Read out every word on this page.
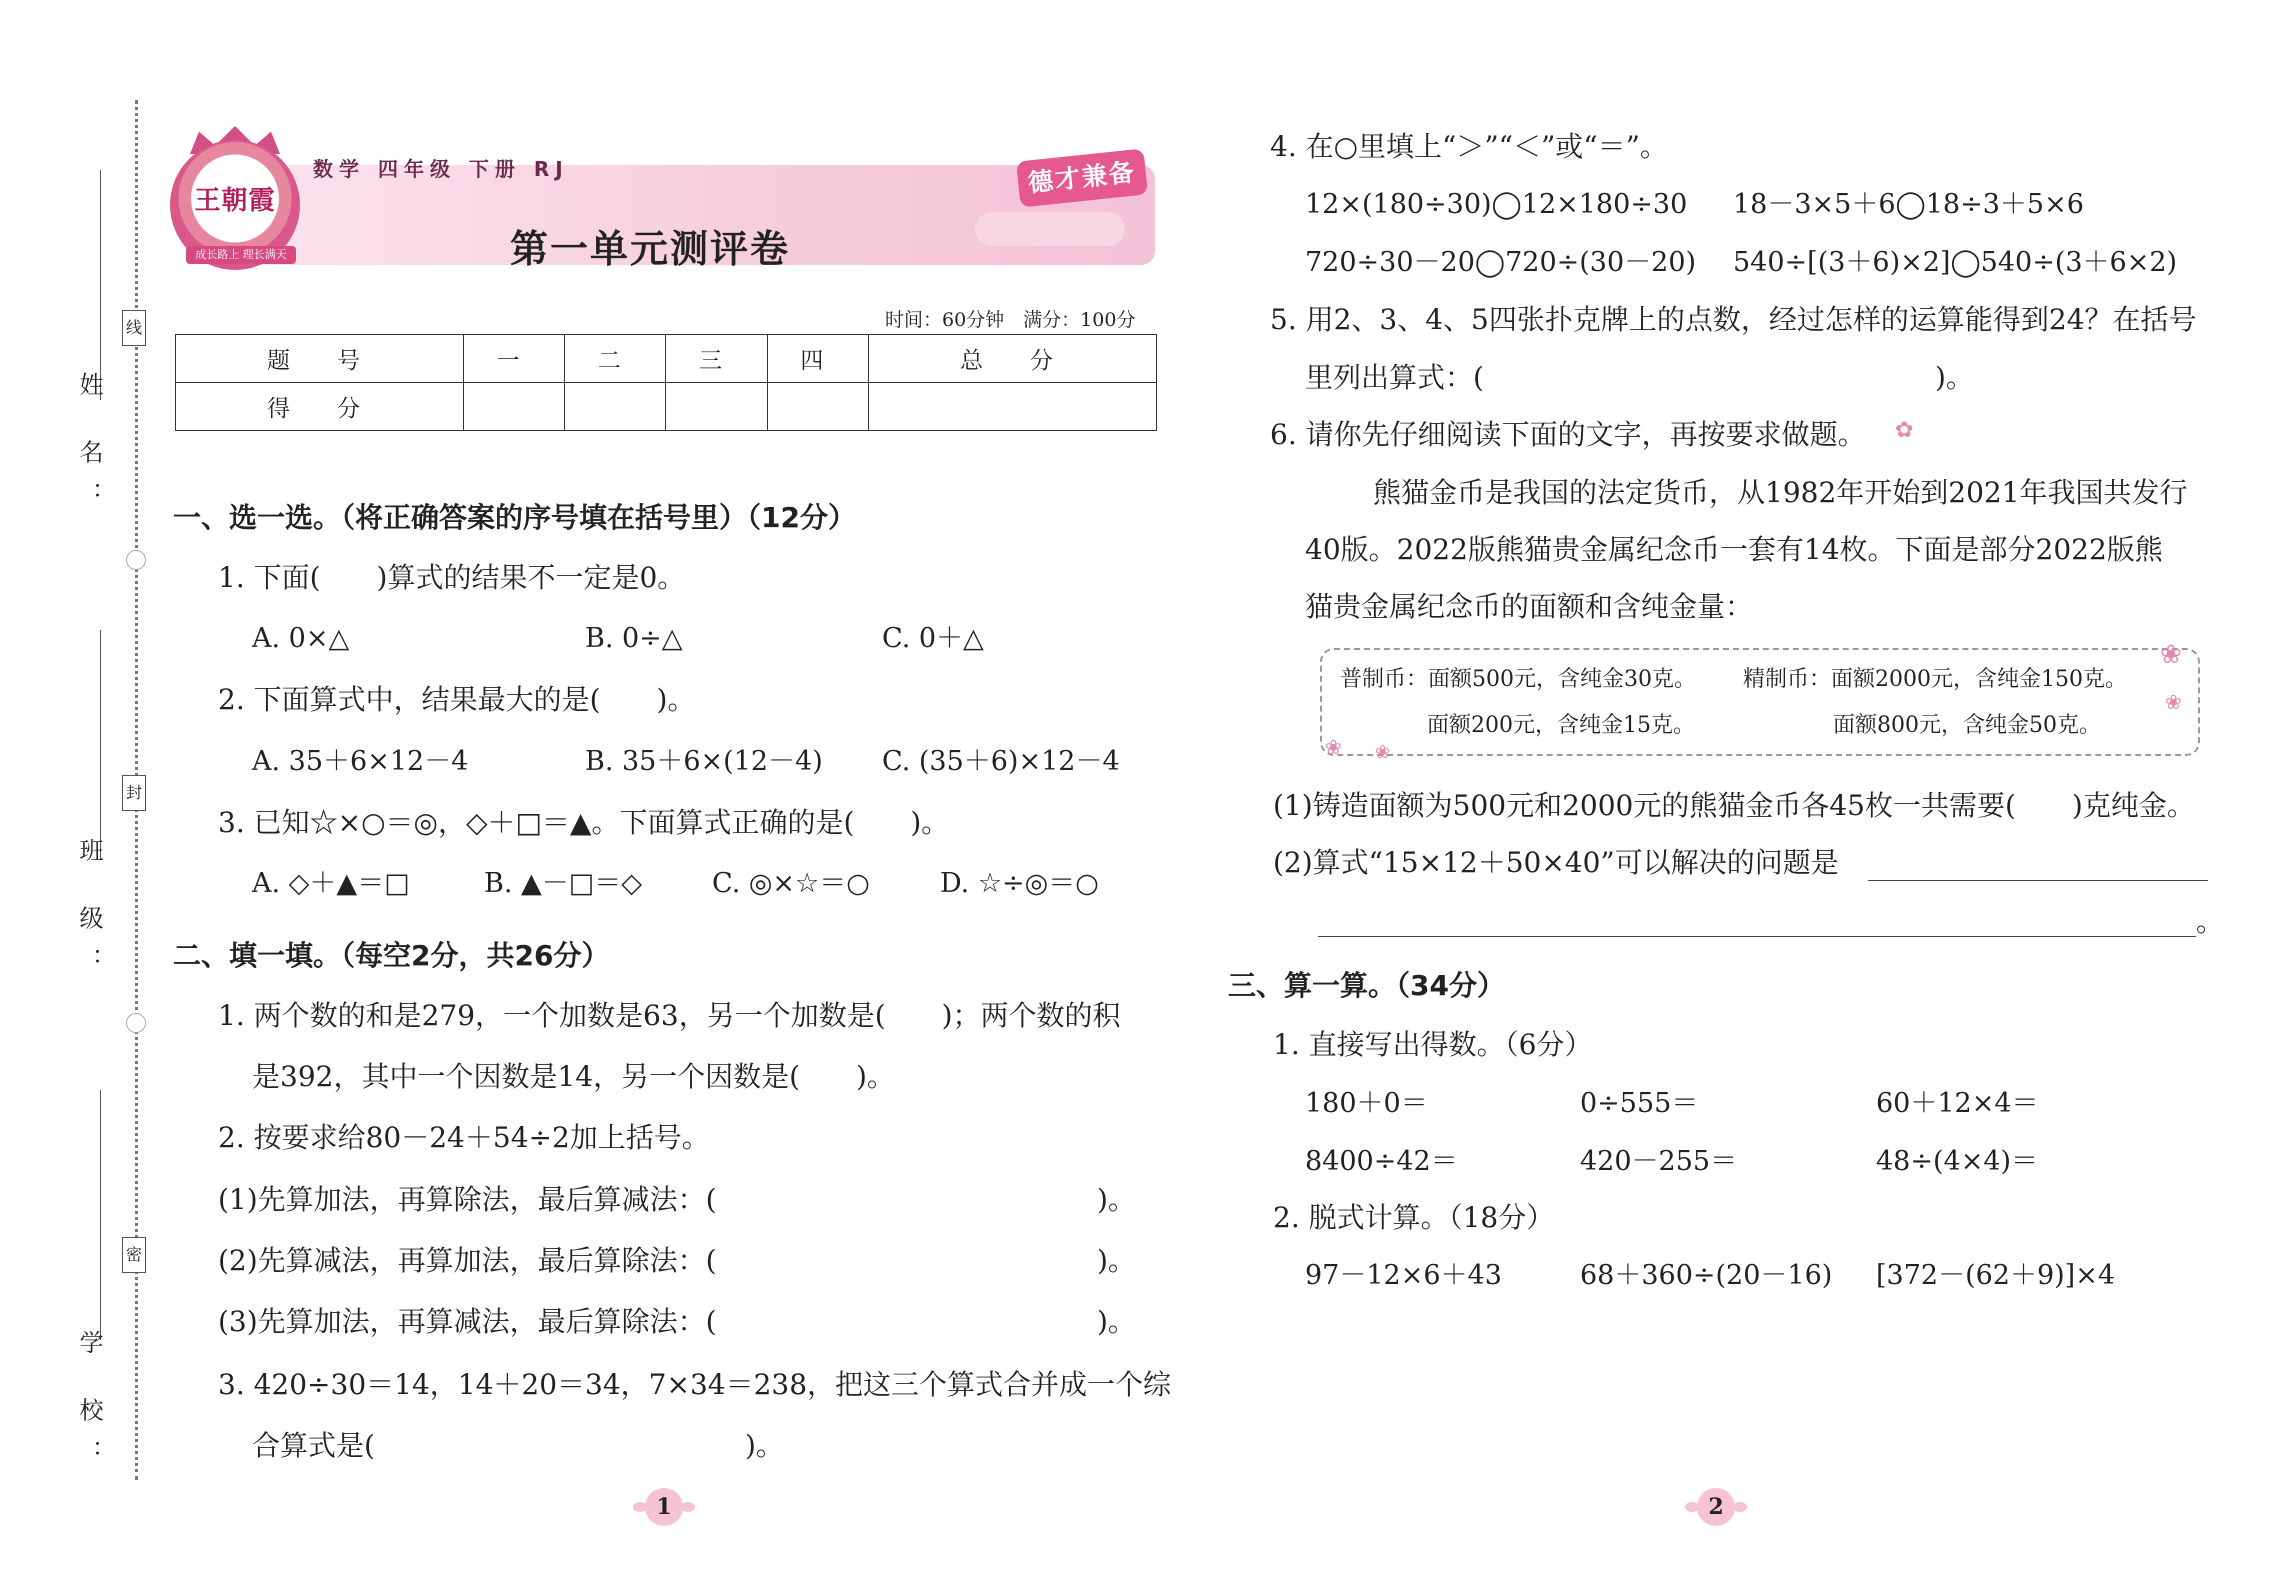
姓 名：
班 级：
学 校：
线
封
密
王朝霞
成长路上 理长满天
数学 四年级 下册 RJ	德才兼备
第一单元测评卷
时间：60分钟　满分：100分
题　号	一	二	三	四	总　分
得　分					
一、选一选。（将正确答案的序号填在括号里）（12分）
1. 下面(　　)算式的结果不一定是0。
A. 0×△	B. 0÷△	C. 0＋△
2. 下面算式中，结果最大的是(　　)。
A. 35＋6×12－4	B. 35＋6×(12－4) C. (35＋6)×12－4
3. 已知☆×○＝◎，◇＋□＝▲。下面算式正确的是(　　)。
A. ◇＋▲＝□	B. ▲－□＝◇	C. ◎×☆＝○	D. ☆÷◎＝○
二、填一填。（每空2分，共26分）
1. 两个数的和是279，一个加数是63，另一个加数是(　　)；两个数的积
是392，其中一个因数是14，另一个因数是(　　)。
2. 按要求给80－24＋54÷2加上括号。
(1)先算加法，再算除法，最后算减法：(	)。
(2)先算减法，再算加法，最后算除法：(	)。
(3)先算加法，再算减法，最后算除法：(	)。
3. 420÷30＝14，14＋20＝34，7×34＝238，把这三个算式合并成一个综
合算式是(	)。
1
4. 在○里填上“＞”“＜”或“＝”。
12×(180÷30)◯12×180÷30 18－3×5＋6◯18÷3＋5×6
720÷30－20◯720÷(30－20) 540÷[(3＋6)×2]◯540÷(3＋6×2)
5. 用2、3、4、5四张扑克牌上的点数，经过怎样的运算能得到24？在括号
里列出算式：(	)。
6. 请你先仔细阅读下面的文字，再按要求做题。 ✿
熊猫金币是我国的法定货币，从1982年开始到2021年我国共发行
40版。2022版熊猫贵金属纪念币一套有14枚。下面是部分2022版熊
猫贵金属纪念币的面额和含纯金量：
❀
❀
❀ ❀
普制币：面额500元，含纯金30克。 精制币：面额2000元，含纯金150克。
面额200元，含纯金15克。	面额800元，含纯金50克。
(1)铸造面额为500元和2000元的熊猫金币各45枚一共需要(　　)克纯金。
(2)算式“15×12＋50×40”可以解决的问题是
。
三、算一算。（34分）
1. 直接写出得数。（6分）
180＋0＝	0÷555＝	60＋12×4＝
8400÷42＝	420－255＝	48÷(4×4)＝
2. 脱式计算。（18分）
97－12×6＋43	68＋360÷(20－16) [372－(62＋9)]×4
2
